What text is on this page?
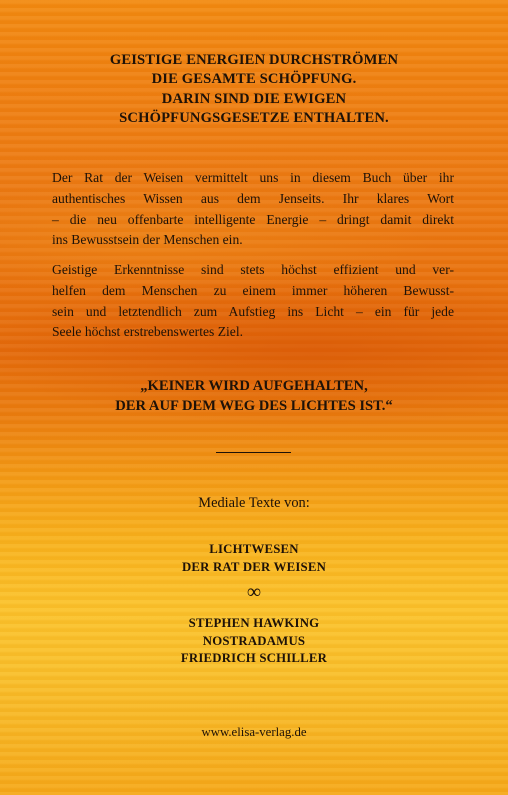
GEISTIGE ENERGIEN DURCHSTRÖMEN
DIE GESAMTE SCHÖPFUNG.
DARIN SIND DIE EWIGEN
SCHÖPFUNGSGESETZE ENTHALTEN.
Der Rat der Weisen vermittelt uns in diesem Buch über ihr
authentisches Wissen aus dem Jenseits. Ihr klares Wort
– die neu offenbarte intelligente Energie – dringt damit direkt
ins Bewusstsein der Menschen ein.
Geistige Erkenntnisse sind stets höchst effizient und ver-
helfen dem Menschen zu einem immer höheren Bewusst-
sein und letztendlich zum Aufstieg ins Licht – ein für jede
Seele höchst erstrebenswertes Ziel.
„KEINER WIRD AUFGEHALTEN,
DER AUF DEM WEG DES LICHTES IST.“
Mediale Texte von:
LICHTWESEN
DER RAT DER WEISEN
∞
STEPHEN HAWKING
NOSTRADAMUS
FRIEDRICH SCHILLER
www.elisa-verlag.de
